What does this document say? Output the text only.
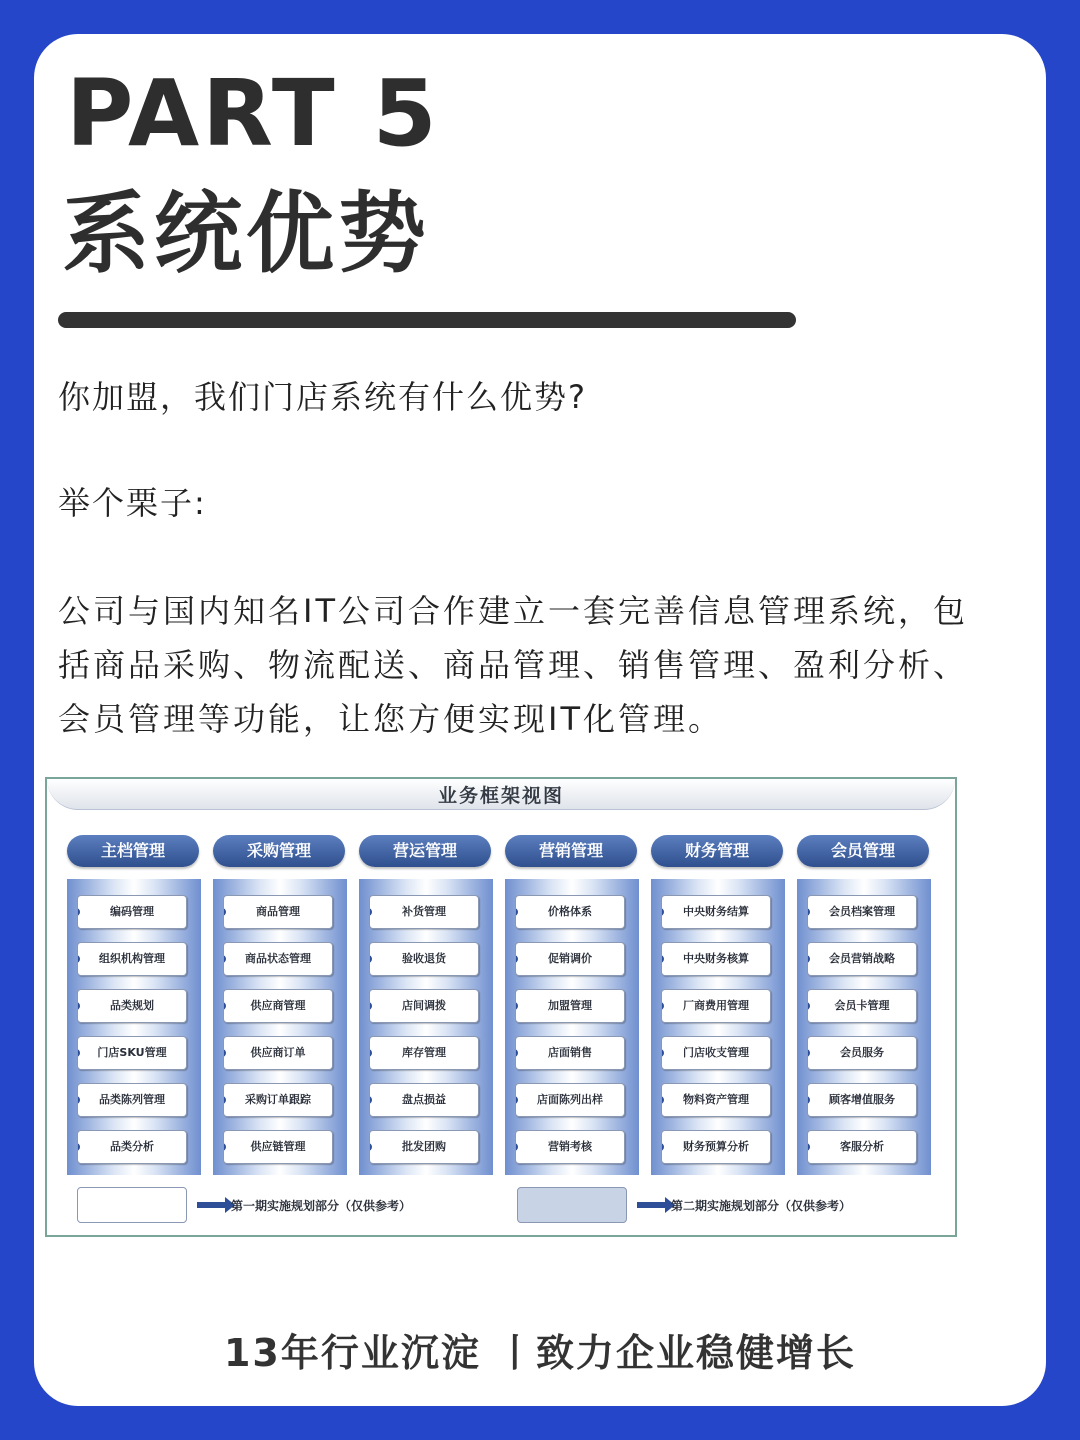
PART 5
系统优势
你加盟，我们门店系统有什么优势?
举个栗子:
公司与国内知名IT公司合作建立一套完善信息管理系统，包括商品采购、物流配送、商品管理、销售管理、盈利分析、会员管理等功能，让您方便实现IT化管理。
业务框架视图
主档管理
编码管理
组织机构管理
品类规划
门店SKU管理
品类陈列管理
品类分析
采购管理
商品管理
商品状态管理
供应商管理
供应商订单
采购订单跟踪
供应链管理
营运管理
补货管理
验收退货
店间调拨
库存管理
盘点损益
批发团购
营销管理
价格体系
促销调价
加盟管理
店面销售
店面陈列出样
营销考核
财务管理
中央财务结算
中央财务核算
厂商费用管理
门店收支管理
物料资产管理
财务预算分析
会员管理
会员档案管理
会员营销战略
会员卡管理
会员服务
顾客增值服务
客服分析
第一期实施规划部分（仅供参考）	第二期实施规划部分（仅供参考）
13年行业沉淀 丨致力企业稳健增长
